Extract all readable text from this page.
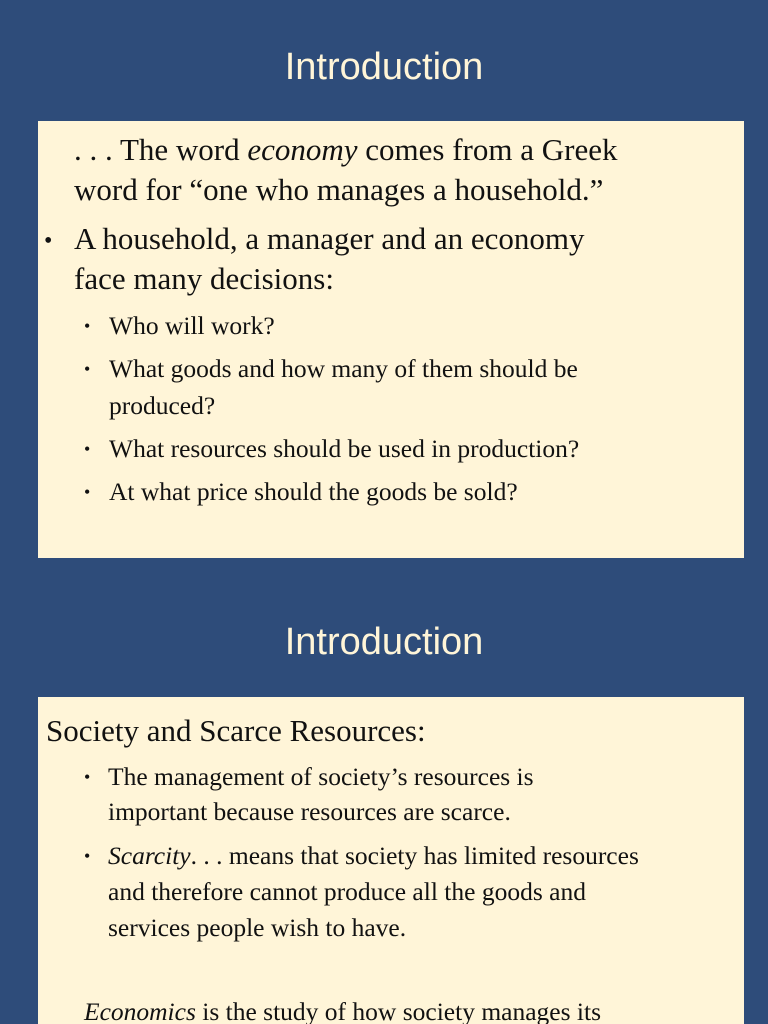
Introduction
. . . The word economy comes from a Greek
word for “one who manages a household.”
• A household, a manager and an economy
face many decisions:
• Who will work?
• What goods and how many of them should be
produced?
• What resources should be used in production?
• At what price should the goods be sold?
Introduction
Society and Scarce Resources:
• The management of society’s resources is
important because resources are scarce.
• Scarcity. . . means that society has limited resources
and therefore cannot produce all the goods and
services people wish to have.
Economics is the study of how society manages its
